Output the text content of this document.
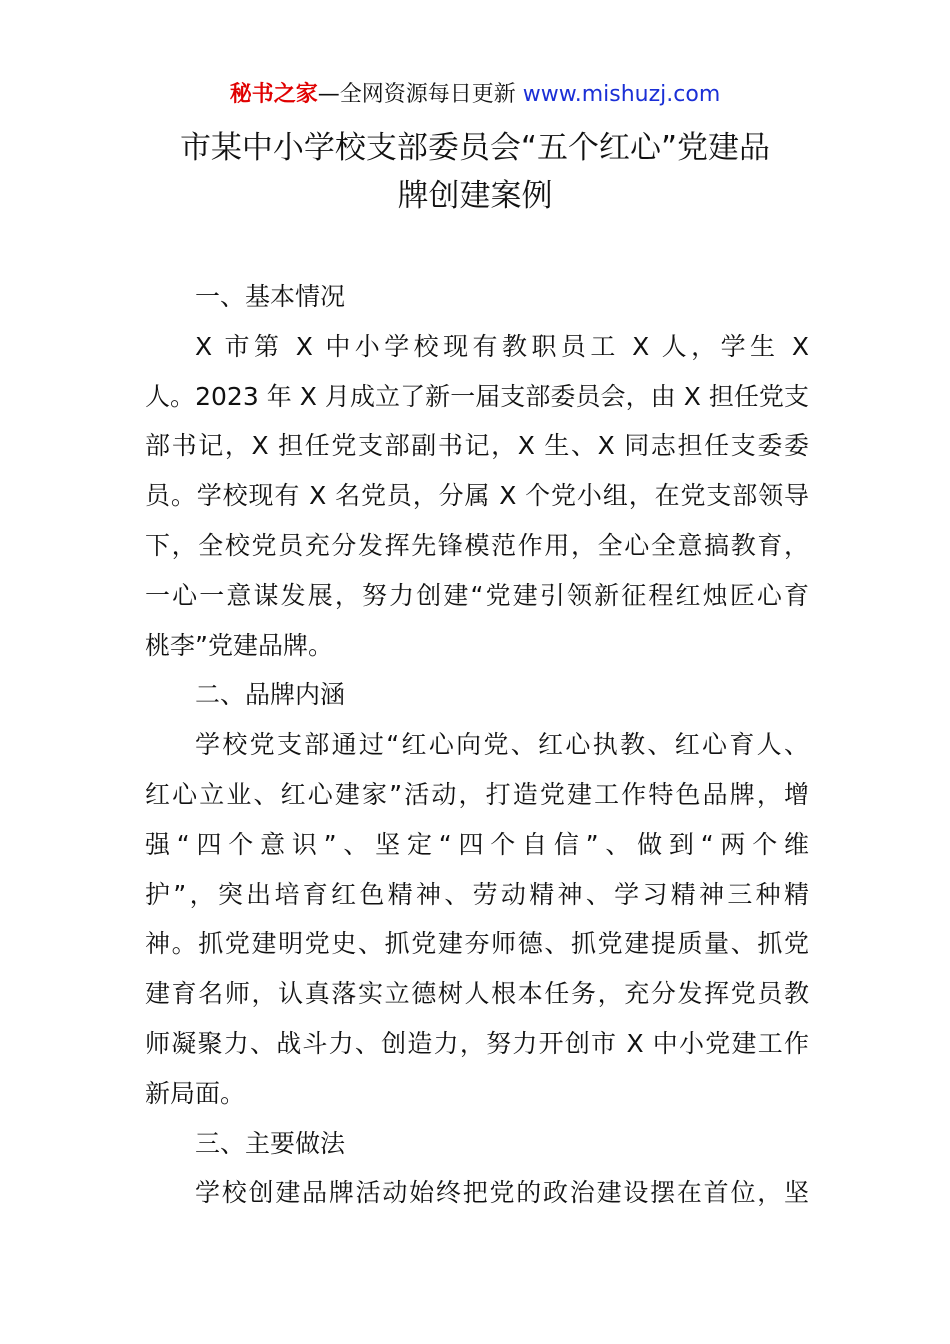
秘书之家—全网资源每日更新 www.mishuzj.com
市某中小学校支部委员会“五个红心”党建品
牌创建案例
一、基本情况
X 市第 X 中小学校现有教职员工 X 人，学生 X
人。2023 年 X 月成立了新一届支部委员会，由 X 担任党支
部书记，X 担任党支部副书记，X 生、X 同志担任支委委
员。学校现有 X 名党员，分属 X 个党小组，在党支部领导
下，全校党员充分发挥先锋模范作用，全心全意搞教育，
一心一意谋发展，努力创建“党建引领新征程红烛匠心育
桃李”党建品牌。
二、品牌内涵
学校党支部通过“红心向党、红心执教、红心育人、
红心立业、红心建家”活动，打造党建工作特色品牌，增
强“四个意识”、坚定“四个自信”、做到“两个维
护”，突出培育红色精神、劳动精神、学习精神三种精
神。抓党建明党史、抓党建夯师德、抓党建提质量、抓党
建育名师，认真落实立德树人根本任务，充分发挥党员教
师凝聚力、战斗力、创造力，努力开创市 X 中小党建工作
新局面。
三、主要做法
学校创建品牌活动始终把党的政治建设摆在首位，坚
